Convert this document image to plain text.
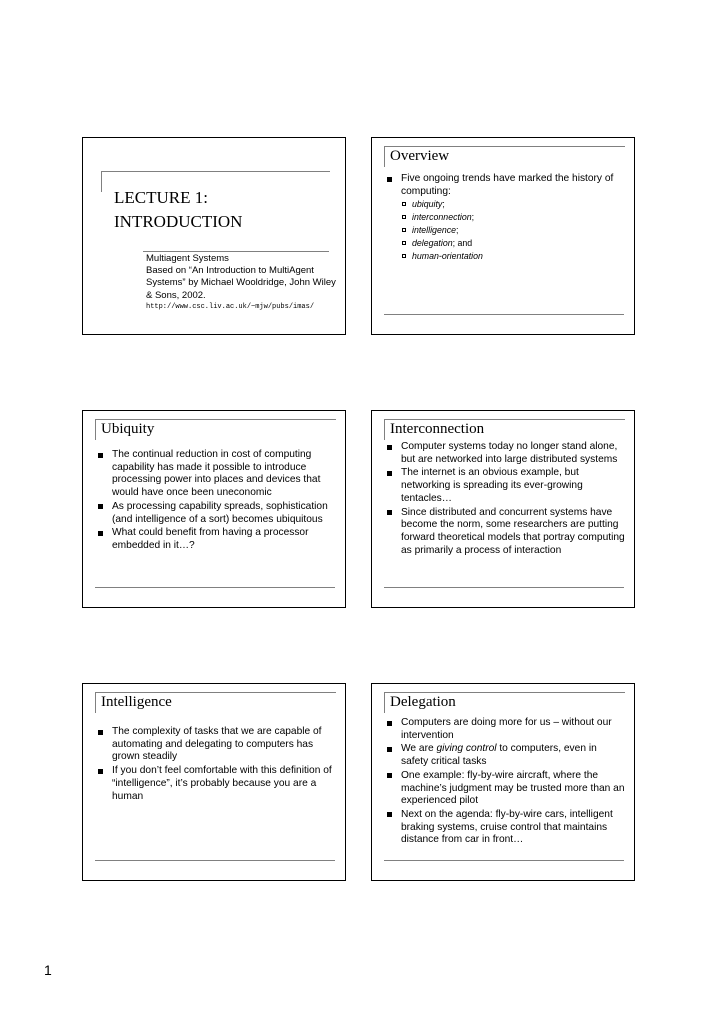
LECTURE 1:
INTRODUCTION
Multiagent Systems
Based on “An Introduction to MultiAgent Systems” by Michael Wooldridge, John Wiley & Sons, 2002.
http://www.csc.liv.ac.uk/~mjw/pubs/imas/
Overview
Five ongoing trends have marked the history of computing:
ubiquity;
interconnection;
intelligence;
delegation; and
human-orientation
Ubiquity
The continual reduction in cost of computing capability has made it possible to introduce processing power into places and devices that would have once been uneconomic
As processing capability spreads, sophistication (and intelligence of a sort) becomes ubiquitous
What could benefit from having a processor embedded in it…?
Interconnection
Computer systems today no longer stand alone, but are networked into large distributed systems
The internet is an obvious example, but networking is spreading its ever-growing tentacles…
Since distributed and concurrent systems have become the norm, some researchers are putting forward theoretical models that portray computing as primarily a process of interaction
Intelligence
The complexity of tasks that we are capable of automating and delegating to computers has grown steadily
If you don’t feel comfortable with this definition of “intelligence”, it’s probably because you are a human
Delegation
Computers are doing more for us – without our intervention
We are giving control to computers, even in safety critical tasks
One example: fly-by-wire aircraft, where the machine’s judgment may be trusted more than an experienced pilot
Next on the agenda: fly-by-wire cars, intelligent braking systems, cruise control that maintains distance from car in front…
1
